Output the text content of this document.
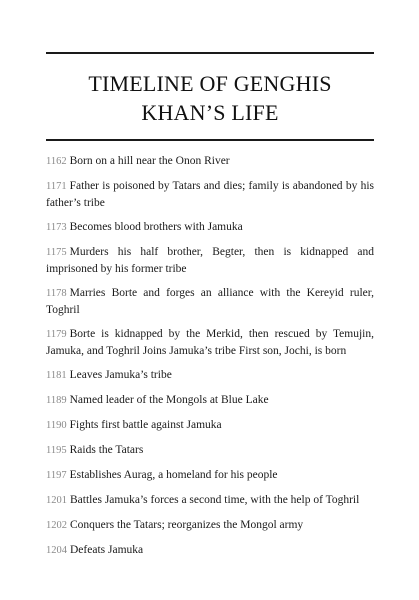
TIMELINE OF GENGHIS
KHAN’S LIFE
1162 Born on a hill near the Onon River
1171 Father is poisoned by Tatars and dies; family is abandoned by his father’s tribe
1173 Becomes blood brothers with Jamuka
1175 Murders his half brother, Begter, then is kidnapped and imprisoned by his former tribe
1178 Marries Borte and forges an alliance with the Kereyid ruler, Toghril
1179 Borte is kidnapped by the Merkid, then rescued by Temujin, Jamuka, and Toghril Joins Jamuka’s tribe First son, Jochi, is born
1181 Leaves Jamuka’s tribe
1189 Named leader of the Mongols at Blue Lake
1190 Fights first battle against Jamuka
1195 Raids the Tatars
1197 Establishes Aurag, a homeland for his people
1201 Battles Jamuka’s forces a second time, with the help of Toghril
1202 Conquers the Tatars; reorganizes the Mongol army
1204 Defeats Jamuka
